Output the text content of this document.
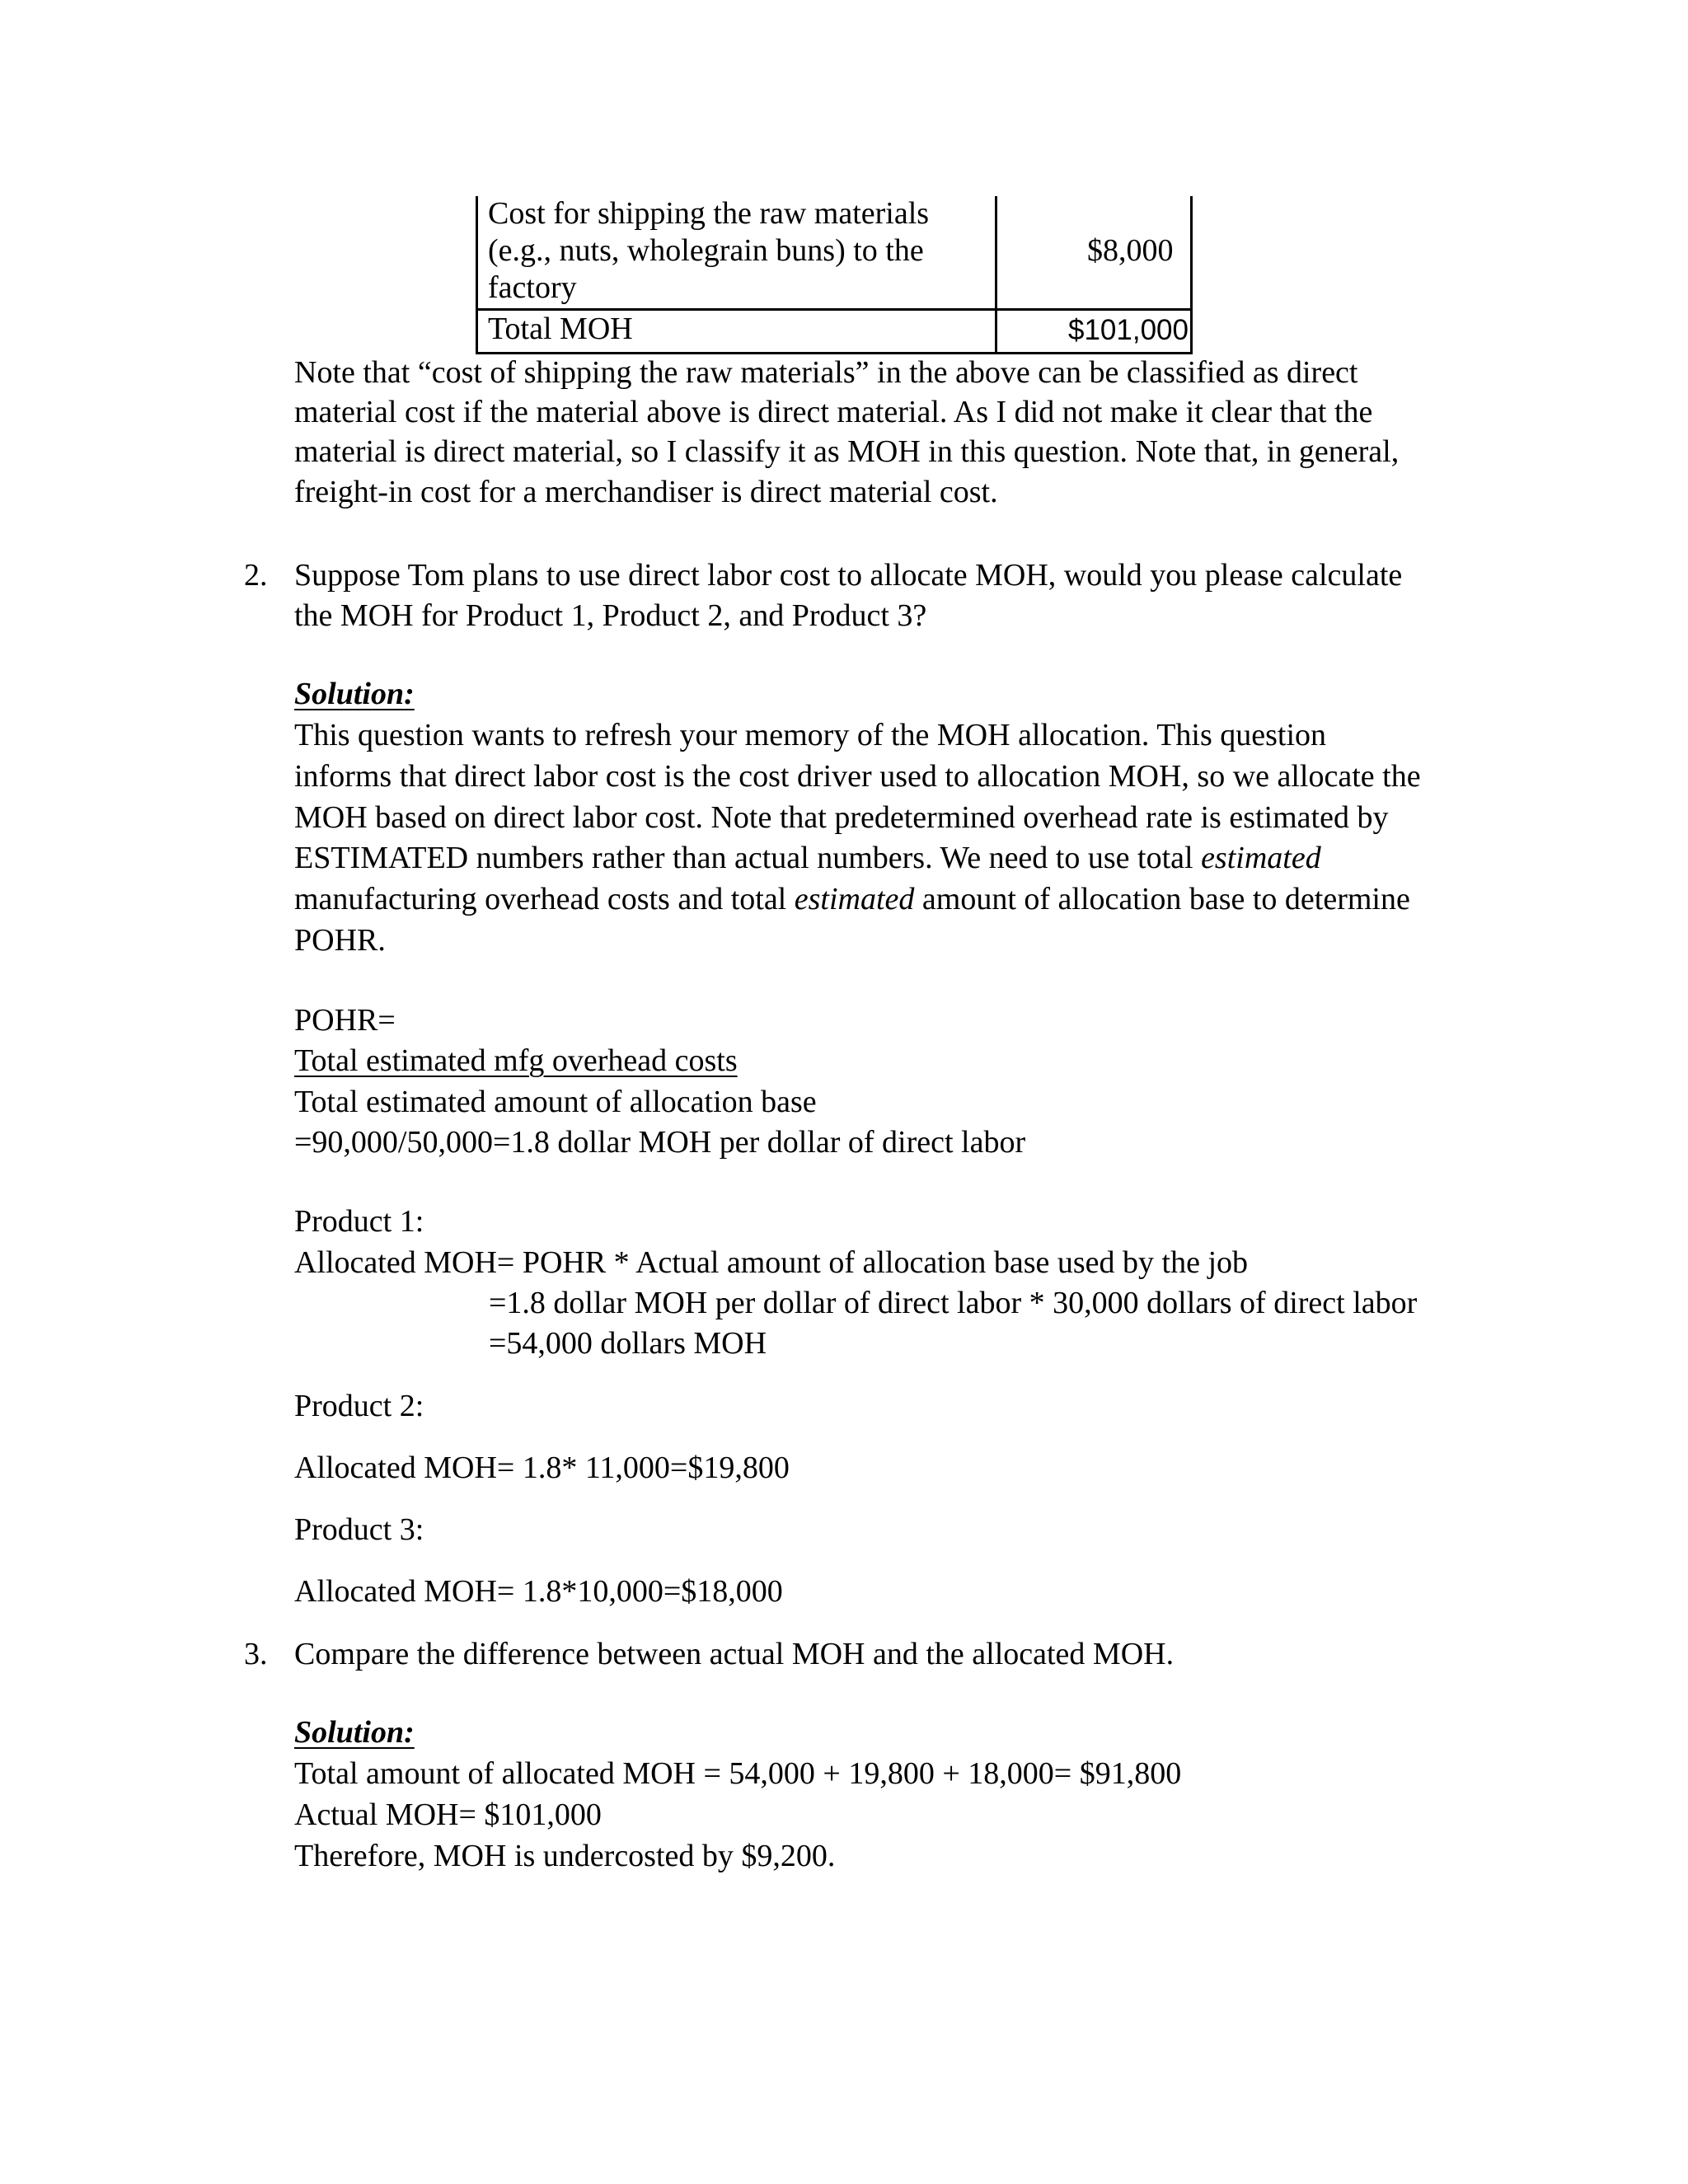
Cost for shipping the raw materials
(e.g., nuts, wholegrain buns) to the
factory
$8,000
Total MOH	$101,000
Note that “cost of shipping the raw materials” in the above can be classified as direct
material cost if the material above is direct material. As I did not make it clear that the
material is direct material, so I classify it as MOH in this question. Note that, in general,
freight-in cost for a merchandiser is direct material cost.
2. Suppose Tom plans to use direct labor cost to allocate MOH, would you please calculate
the MOH for Product 1, Product 2, and Product 3?
Solution:
This question wants to refresh your memory of the MOH allocation. This question
informs that direct labor cost is the cost driver used to allocation MOH, so we allocate the
MOH based on direct labor cost. Note that predetermined overhead rate is estimated by
ESTIMATED numbers rather than actual numbers. We need to use total estimated
manufacturing overhead costs and total estimated amount of allocation base to determine
POHR.
POHR=
Total estimated mfg overhead costs
Total estimated amount of allocation base
=90,000/50,000=1.8 dollar MOH per dollar of direct labor
Product 1:
Allocated MOH= POHR * Actual amount of allocation base used by the job
=1.8 dollar MOH per dollar of direct labor * 30,000 dollars of direct labor
=54,000 dollars MOH
Product 2:
Allocated MOH= 1.8* 11,000=$19,800
Product 3:
Allocated MOH= 1.8*10,000=$18,000
3. Compare the difference between actual MOH and the allocated MOH.
Solution:
Total amount of allocated MOH = 54,000 + 19,800 + 18,000= $91,800
Actual MOH= $101,000
Therefore, MOH is undercosted by $9,200.
